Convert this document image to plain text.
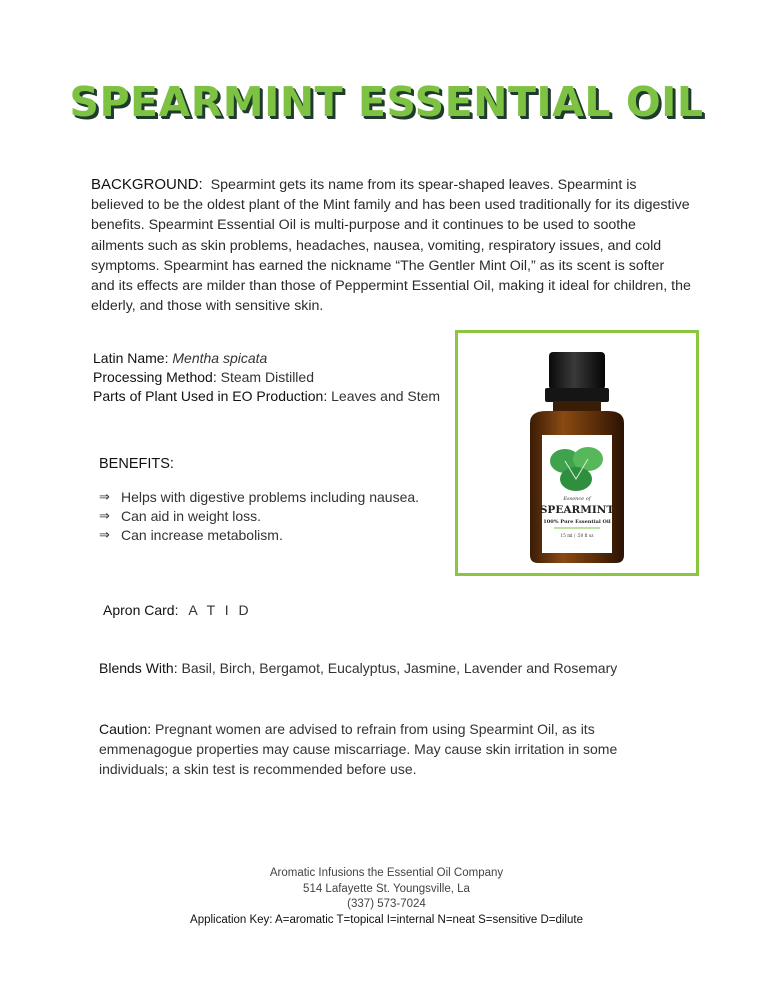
SPEARMINT ESSENTIAL OIL
BACKGROUND: Spearmint gets its name from its spear-shaped leaves. Spearmint is believed to be the oldest plant of the Mint family and has been used traditionally for its digestive benefits. Spearmint Essential Oil is multi-purpose and it continues to be used to soothe ailments such as skin problems, headaches, nausea, vomiting, respiratory issues, and cold symptoms. Spearmint has earned the nickname “The Gentler Mint Oil,” as its scent is softer and its effects are milder than those of Peppermint Essential Oil, making it ideal for children, the elderly, and those with sensitive skin.
Latin Name: Mentha spicata
Processing Method: Steam Distilled
Parts of Plant Used in EO Production: Leaves and Stem
BENEFITS:
⇒ Helps with digestive problems including nausea.
⇒ Can aid in weight loss.
⇒ Can increase metabolism.
Essence of
SPEARMINT
100% Pure Essential Oil
15 ml / .50 fl oz
Apron Card: A T I D
Blends With: Basil, Birch, Bergamot, Eucalyptus, Jasmine, Lavender and Rosemary
Caution: Pregnant women are advised to refrain from using Spearmint Oil, as its emmenagogue properties may cause miscarriage. May cause skin irritation in some individuals; a skin test is recommended before use.
Aromatic Infusions the Essential Oil Company
514 Lafayette St. Youngsville, La
(337) 573-7024
Application Key: A=aromatic T=topical I=internal N=neat S=sensitive D=dilute
